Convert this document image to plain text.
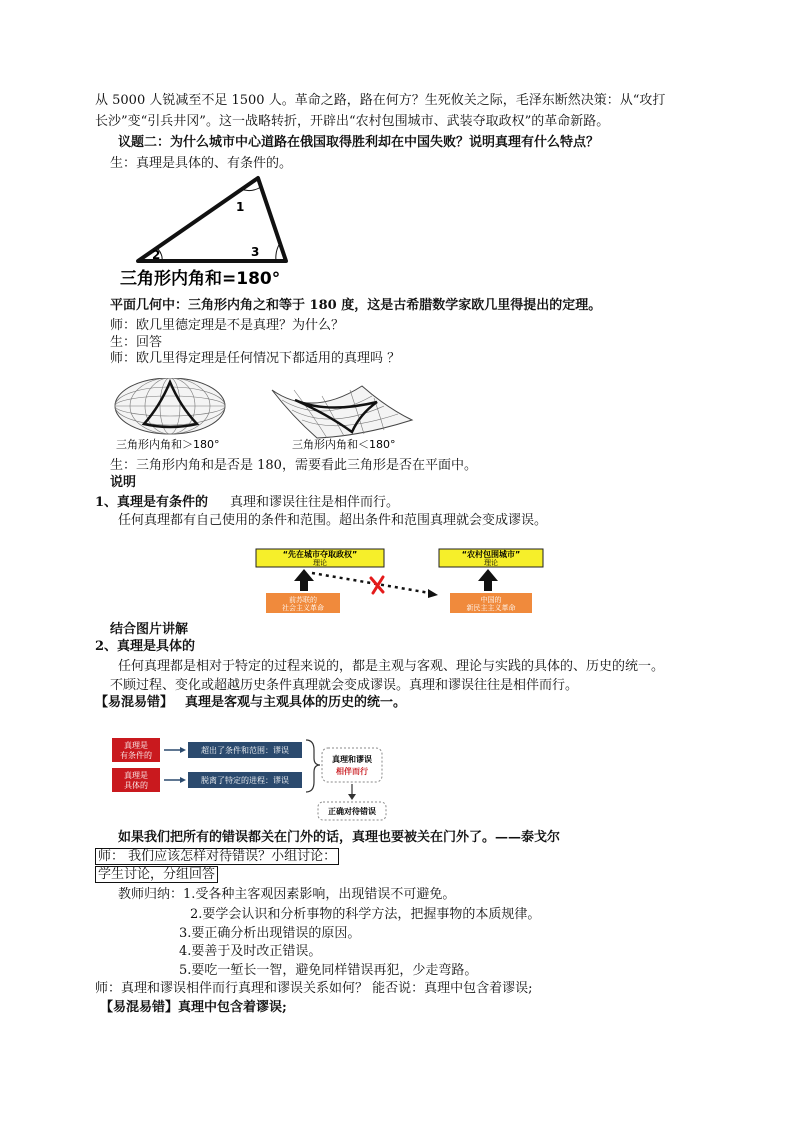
从 5000 人锐减至不足 1500 人。革命之路，路在何方？生死攸关之际，毛泽东断然决策：从“攻打
长沙”变“引兵井冈”。这一战略转折，开辟出“农村包围城市、武装夺取政权”的革命新路。
议题二：为什么城市中心道路在俄国取得胜利却在中国失败？说明真理有什么特点？
生：真理是具体的、有条件的。
1
2	3
三角形内角和=180°
平面几何中：三角形内角之和等于 180 度，这是古希腊数学家欧几里得提出的定理。
师：欧几里德定理是不是真理？为什么？
生：回答
师：欧几里得定理是任何情况下都适用的真理吗 ？
三角形内角和＞180°	三角形内角和＜180°
生：三角形内角和是否是 180，需要看此三角形是否在平面中。
说明
1、真理是有条件的 真理和谬误往往是相伴而行。
任何真理都有自己使用的条件和范围。超出条件和范围真理就会变成谬误。
“先在城市夺取政权”
理论
“农村包围城市”
理论
前苏联的
社会主义革命
中国的
新民主主义革命
结合图片讲解
2、真理是具体的
任何真理都是相对于特定的过程来说的，都是主观与客观、理论与实践的具体的、历史的统一。
不顾过程、变化或超越历史条件真理就会变成谬误。真理和谬误往往是相伴而行。
【易混易错】 真理是客观与主观具体的历史的统一。
真理是
有条件的
真理是
具体的
超出了条件和范围：谬误
脱离了特定的进程：谬误
真理和谬误
相伴而行
正确对待错误
如果我们把所有的错误都关在门外的话，真理也要被关在门外了。——泰戈尔
师： 我们应该怎样对待错误？小组讨论：
学生讨论，分组回答
教师归纳：1.受各种主客观因素影响，出现错误不可避免。
2.要学会认识和分析事物的科学方法，把握事物的本质规律。
3.要正确分析出现错误的原因。
4.要善于及时改正错误。
5.要吃一堑长一智，避免同样错误再犯，少走弯路。
师：真理和谬误相伴而行真理和谬误关系如何？ 能否说：真理中包含着谬误;
【易混易错】真理中包含着谬误;
